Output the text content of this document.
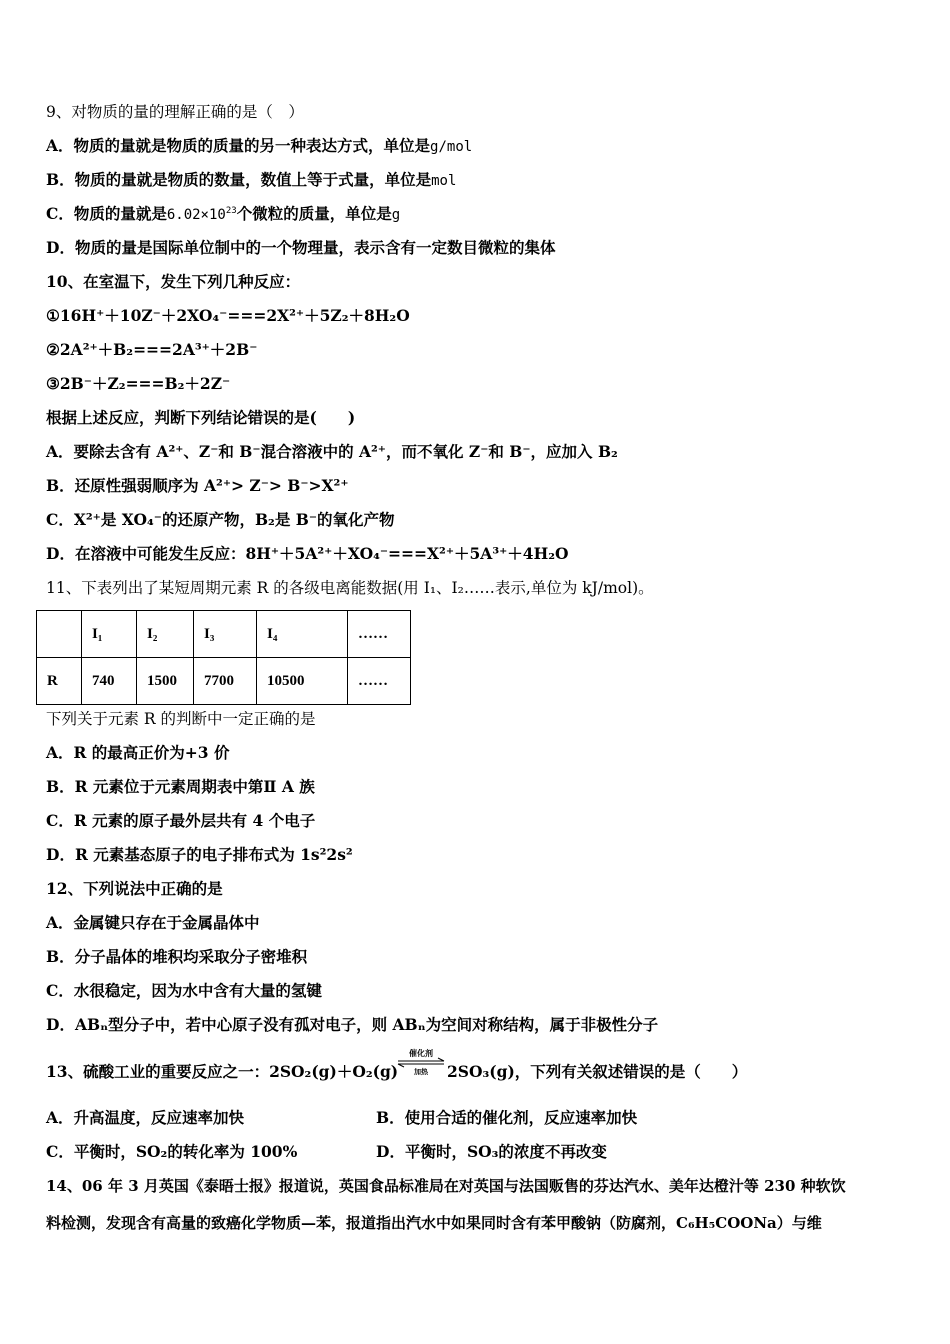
9、对物质的量的理解正确的是（　）
A．物质的量就是物质的质量的另一种表达方式，单位是g/mol
B．物质的量就是物质的数量，数值上等于式量，单位是mol
C．物质的量就是$6.02\times 10^{23}$个微粒的质量，单位是g
D．物质的量是国际单位制中的一个物理量，表示含有一定数目微粒的集体
10、在室温下，发生下列几种反应：
①16H⁺＋10Z⁻＋2XO₄⁻===2X²⁺＋5Z₂＋8H₂O
②2A²⁺＋B₂===2A³⁺＋2B⁻
③2B⁻＋Z₂===B₂＋2Z⁻
根据上述反应，判断下列结论错误的是(　　)
A．要除去含有 A²⁺、Z⁻和 B⁻混合溶液中的 A²⁺，而不氧化 Z⁻和 B⁻，应加入 B₂
B．还原性强弱顺序为 A²⁺> Z⁻> B⁻>X²⁺
C．X²⁺是 XO₄⁻的还原产物，B₂是 B⁻的氧化产物
D．在溶液中可能发生反应：8H⁺＋5A²⁺＋XO₄⁻===X²⁺＋5A³⁺＋4H₂O
11、下表列出了某短周期元素 R 的各级电离能数据(用 I₁、I₂……表示,单位为 kJ/mol)。
	I₁	I₂	I₃	I₄	……
R	740	1500	7700	10500	……
下列关于元素 R 的判断中一定正确的是
A．R 的最高正价为+3 价
B．R 元素位于元素周期表中第Ⅱ A 族
C．R 元素的原子最外层共有 4 个电子
D．R 元素基态原子的电子排布式为 1s²2s²
12、下列说法中正确的是
A．金属键只存在于金属晶体中
B．分子晶体的堆积均采取分子密堆积
C．水很稳定，因为水中含有大量的氢键
D．ABₙ型分子中，若中心原子没有孤对电子，则 ABₙ为空间对称结构，属于非极性分子
13、硫酸工业的重要反应之一：2SO₂(g)＋O₂(g)
催化剂
加热 2SO₃(g)，下列有关叙述错误的是（　　）
A．升高温度，反应速率加快	B．使用合适的催化剂，反应速率加快
C．平衡时，SO₂的转化率为 100%	D．平衡时，SO₃的浓度不再改变
14、06 年 3 月英国《泰晤士报》报道说，英国食品标准局在对英国与法国贩售的芬达汽水、美年达橙汁等 230 种软饮
料检测，发现含有高量的致癌化学物质—苯，报道指出汽水中如果同时含有苯甲酸钠（防腐剂，C₆H₅COONa）与维
